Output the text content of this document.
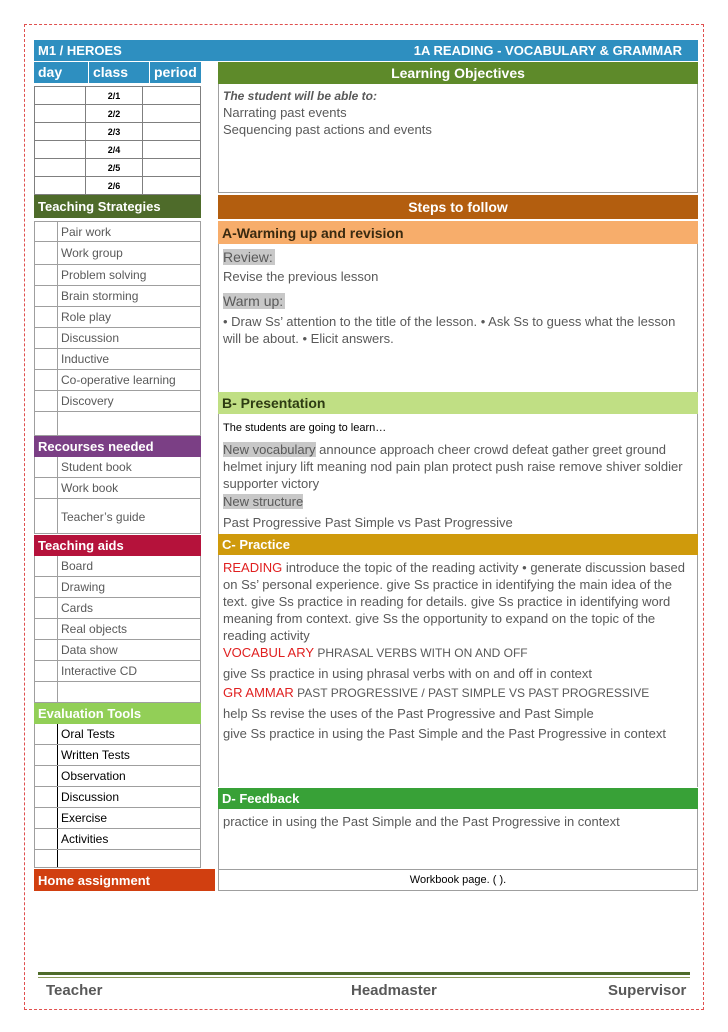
M1 / HEROES	1A READING - VOCABULARY & GRAMMAR
day	class	period
	2/1	
	2/2	
	2/3	
	2/4	
	2/5	
	2/6	
Teaching Strategies
Pair work
Work group
Problem solving
Brain storming
Role play
Discussion
Inductive
Co-operative learning
Discovery
Recourses needed
Student book
Work book
Teacher’s guide
Teaching aids
Board
Drawing
Cards
Real objects
Data show
Interactive CD
Evaluation Tools
Oral Tests
Written Tests
Observation
Discussion
Exercise
Activities
Home assignment	Workbook page. ( ).
Learning Objectives
The student will be able to:
Narrating past events
Sequencing past actions and events
Steps to follow
A-Warming up and revision
Review:
Revise the previous lesson
Warm up:
• Draw Ss’ attention to the title of the lesson. • Ask Ss to guess what the lesson will be about. • Elicit answers.
B- Presentation
The students are going to learn…
New vocabulary announce approach cheer crowd defeat gather greet ground helmet injury lift meaning nod pain plan protect push raise remove shiver soldier supporter victory
New structure
Past Progressive Past Simple vs Past Progressive
C- Practice
READING introduce the topic of the reading activity • generate discussion based on Ss’ personal experience. give Ss practice in identifying the main idea of the text. give Ss practice in reading for details. give Ss practice in identifying word meaning from context. give Ss the opportunity to expand on the topic of the reading activity
VOCABUL ARY PHRASAL VERBS WITH ON AND OFF
give Ss practice in using phrasal verbs with on and off in context
GR AMMAR PAST PROGRESSIVE / PAST SIMPLE VS PAST PROGRESSIVE
help Ss revise the uses of the Past Progressive and Past Simple
give Ss practice in using the Past Simple and the Past Progressive in context
D- Feedback
practice in using the Past Simple and the Past Progressive in context
Teacher	Headmaster	Supervisor
